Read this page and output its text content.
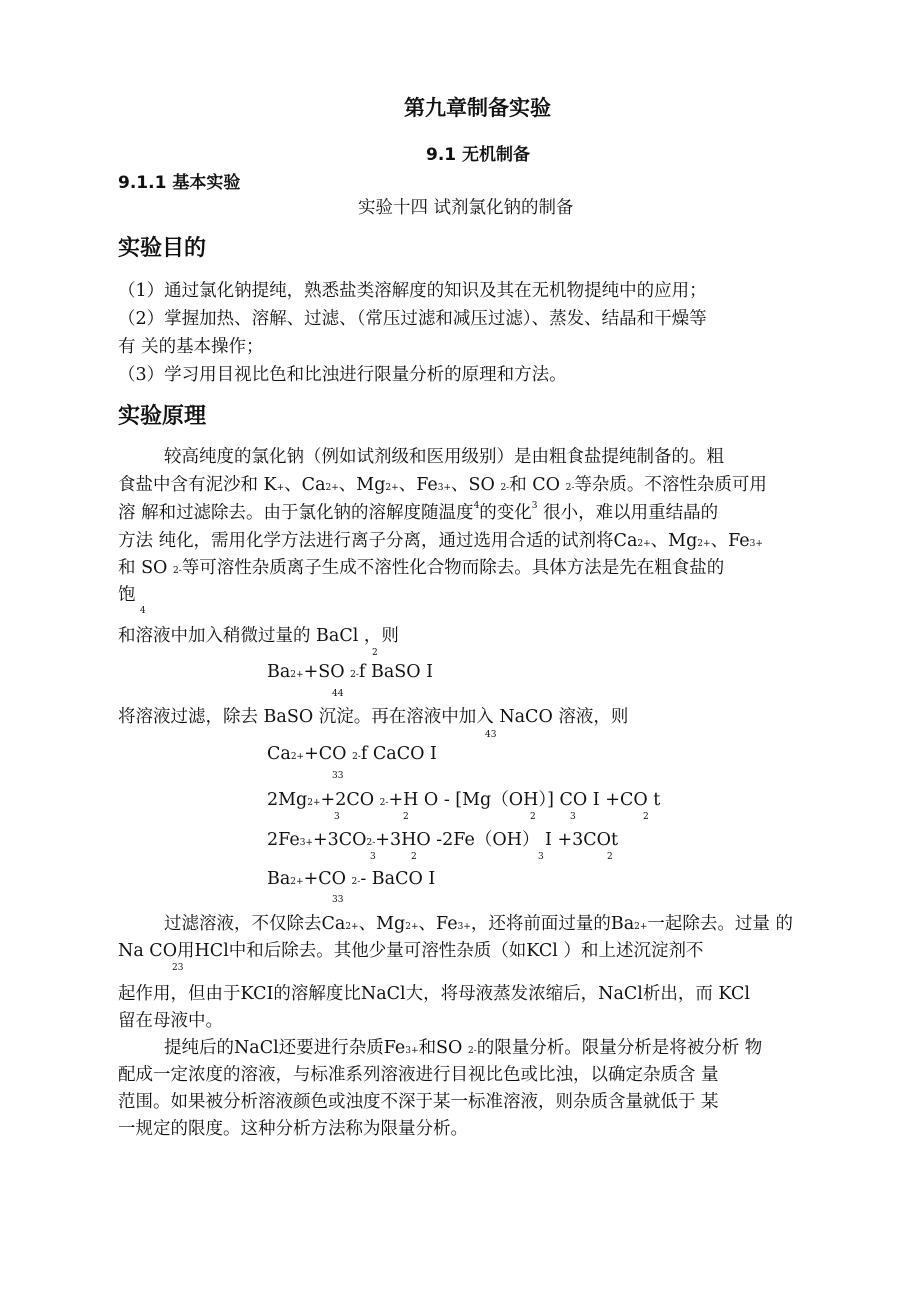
第九章制备实验
9.1 无机制备
9.1.1 基本实验
实验十四 试剂氯化钠的制备
实验目的
（1）通过氯化钠提纯，熟悉盐类溶解度的知识及其在无机物提纯中的应用；
（2）掌握加热、溶解、过滤、（常压过滤和减压过滤）、蒸发、结晶和干燥等
有 关的基本操作；
（3）学习用目视比色和比浊进行限量分析的原理和方法。
实验原理
较高纯度的氯化钠（例如试剂级和医用级别）是由粗食盐提纯制备的。粗
食盐中含有泥沙和 K+、Ca2+、Mg2+、Fe3+、SO 2-和 CO 2-等杂质。不溶性杂质可用
溶 解和过滤除去。由于氯化钠的溶解度随温度$^4$的变化$^3$ 很小，难以用重结晶的
方法 纯化，需用化学方法进行离子分离，通过选用合适的试剂将Ca2+、Mg2+、Fe3+
和 SO 2-等可溶性杂质离子生成不溶性化合物而除去。具体方法是先在粗食盐的
饱
4
和溶液中加入稍微过量的 BaCl ，则
2
Ba2++SO 2-f BaSO I
44
将溶液过滤，除去 BaSO 沉淀。再在溶液中加入 NaCO 溶液，则
43
Ca2++CO 2-f CaCO I
33
2Mg2++2CO 2-+H O - [Mg（OH）] CO I +CO t
3	2	2	3	2
2Fe3++3CO2-+3HO -2Fe（OH） I +3COt
3	2	3	2
Ba2++CO 2-- BaCO I
33
过滤溶液，不仅除去Ca2+、Mg2+、Fe3+，还将前面过量的Ba2+一起除去。过量 的
Na CO用HCl中和后除去。其他少量可溶性杂质（如KCl ）和上述沉淀剂不
23
起作用，但由于KCI的溶解度比NaCl大，将母液蒸发浓缩后，NaCl析出，而 KCl
留在母液中。
提纯后的NaCl还要进行杂质Fe3+和SO 2-的限量分析。限量分析是将被分析 物
配成一定浓度的溶液，与标准系列溶液进行目视比色或比浊，以确定杂质含 量
范围。如果被分析溶液颜色或浊度不深于某一标准溶液，则杂质含量就低于 某
一规定的限度。这种分析方法称为限量分析。
